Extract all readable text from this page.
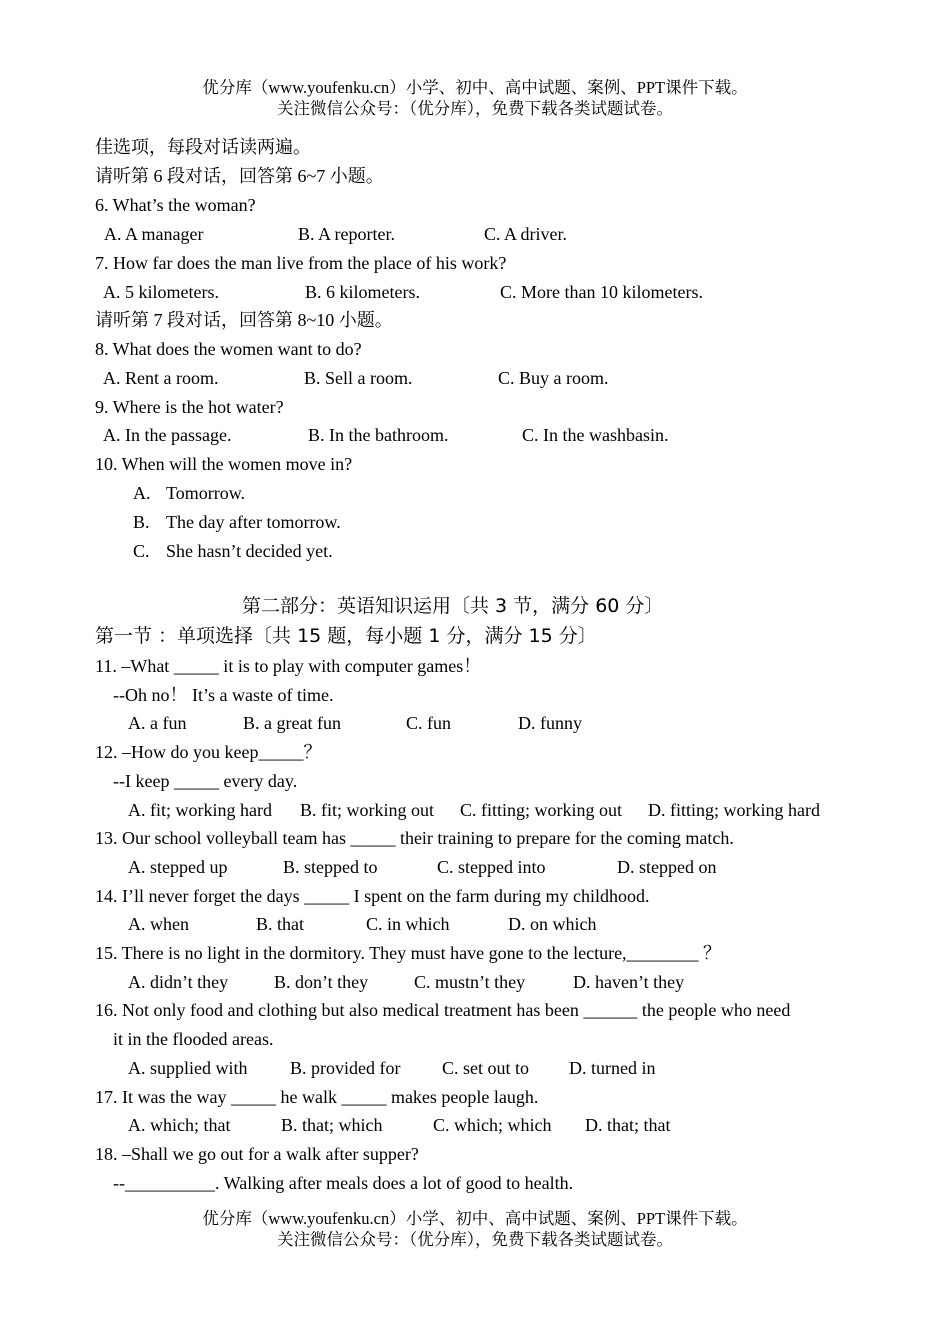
优分库（www.youfenku.cn）小学、初中、高中试题、案例、PPT课件下载。
关注微信公众号：（优分库），免费下载各类试题试卷。
佳选项，每段对话读两遍。
请听第 6 段对话，回答第 6~7 小题。
6. What’s the woman?
A. A manager	B. A reporter.	C. A driver.
7. How far does the man live from the place of his work?
A. 5 kilometers.	B. 6 kilometers.	C. More than 10 kilometers.
请听第 7 段对话，回答第 8~10 小题。
8. What does the women want to do?
A. Rent a room.	B. Sell a room.	C. Buy a room.
9. Where is the hot water?
A. In the passage.	B. In the bathroom.	C. In the washbasin.
10. When will the women move in?
A. Tomorrow.
B. The day after tomorrow.
C. She hasn’t decided yet.
第二部分：英语知识运用〔共 3 节，满分 60 分〕
第一节 ：单项选择〔共 15 题，每小题 1 分，满分 15 分〕
11. –What _____ it is to play with computer games！
--Oh no！ It’s a waste of time.
A. a fun	B. a great fun	C. fun	D. funny
12. –How do you keep_____？
--I keep _____ every day.
A. fit; working hard B. fit; working out C. fitting; working out D. fitting; working hard
13. Our school volleyball team has _____ their training to prepare for the coming match.
A. stepped up	B. stepped to	C. stepped into	D. stepped on
14. I’ll never forget the days _____ I spent on the farm during my childhood.
A. when	B. that	C. in which	D. on which
15. There is no light in the dormitory. They must have gone to the lecture,________ ？
A. didn’t they	B. don’t they	C. mustn’t they	D. haven’t they
16. Not only food and clothing but also medical treatment has been ______ the people who need
it in the flooded areas.
A. supplied with B. provided for C. set out to D. turned in
17. It was the way _____ he walk _____ makes people laugh.
A. which; that	B. that; which	C. which; which D. that; that
18. –Shall we go out for a walk after supper?
--__________. Walking after meals does a lot of good to health.
优分库（www.youfenku.cn）小学、初中、高中试题、案例、PPT课件下载。
关注微信公众号：（优分库），免费下载各类试题试卷。
